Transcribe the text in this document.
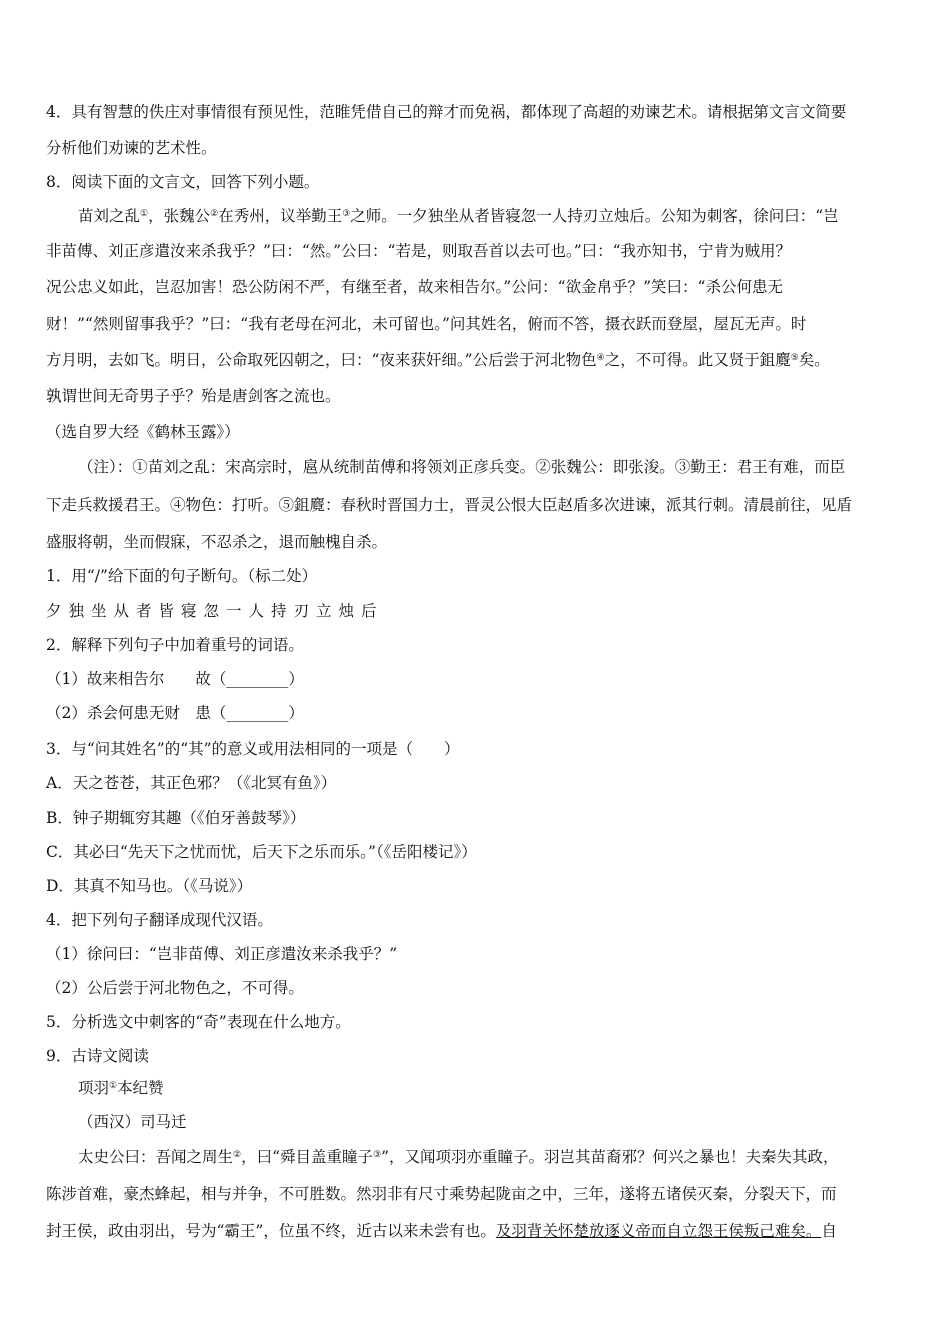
4．具有智慧的佚庄对事情很有预见性，范睢凭借自己的辩才而免祸，都体现了高超的劝谏艺术。请根据第文言文简要
分析他们劝谏的艺术性。
8．阅读下面的文言文，回答下列小题。
苗刘之乱①，张魏公②在秀州，议举勤王③之师。一夕独坐从者皆寝忽一人持刃立烛后。公知为刺客，徐问曰：“岂
非苗傅、刘正彦遣汝来杀我乎？”曰：“然。”公曰：“若是，则取吾首以去可也。”曰：“我亦知书，宁肯为贼用？
况公忠义如此，岂忍加害！恐公防闲不严，有继至者，故来相告尔。”公问：“欲金帛乎？”笑曰：“杀公何患无
财！”“然则留事我乎？”曰：“我有老母在河北，未可留也。”问其姓名，俯而不答，摄衣跃而登屋，屋瓦无声。时
方月明，去如飞。明日，公命取死囚朝之，曰：“夜来获奸细。”公后尝于河北物色④之，不可得。此又贤于鉏麑⑤矣。
孰谓世间无奇男子乎？殆是唐剑客之流也。
（选自罗大经《鹤林玉露》）
（注）：①苗刘之乱：宋高宗时，扈从统制苗傅和将领刘正彦兵变。②张魏公：即张浚。③勤王：君王有难，而臣
下走兵救援君王。④物色：打听。⑤鉏麑：春秋时晋国力士，晋灵公恨大臣赵盾多次进谏，派其行刺。清晨前往，见盾
盛服将朝，坐而假寐，不忍杀之，退而触槐自杀。
1．用“/”给下面的句子断句。（标二处）
夕独坐从者皆寝忽一人持刃立烛后
2．解释下列句子中加着重号的词语。
（1）故来相告尔　　故（________）
（2）杀会何患无财　患（________）
3．与“问其姓名”的“其”的意义或用法相同的一项是（　　）
A．天之苍苍，其正色邪？（《北冥有鱼》）
B．钟子期辄穷其趣（《伯牙善鼓琴》）
C．其必曰“先天下之忧而忧，后天下之乐而乐。”（《岳阳楼记》）
D．其真不知马也。（《马说》）
4．把下列句子翻译成现代汉语。
（1）徐问曰：“岂非苗傅、刘正彦遣汝来杀我乎？”
（2）公后尝于河北物色之，不可得。
5．分析选文中刺客的“奇”表现在什么地方。
9．古诗文阅读
项羽①本纪赞
（西汉）司马迁
太史公曰：吾闻之周生②，曰“舜目盖重瞳子③”，又闻项羽亦重瞳子。羽岂其苗裔邪？何兴之暴也！夫秦失其政，
陈涉首难，豪杰蜂起，相与并争，不可胜数。然羽非有尺寸乘势起陇亩之中，三年，遂将五诸侯灭秦，分裂天下，而
封王侯，政由羽出，号为“霸王”，位虽不终，近古以来未尝有也。及羽背关怀楚放逐义帝而自立怨王侯叛己难矣。自
